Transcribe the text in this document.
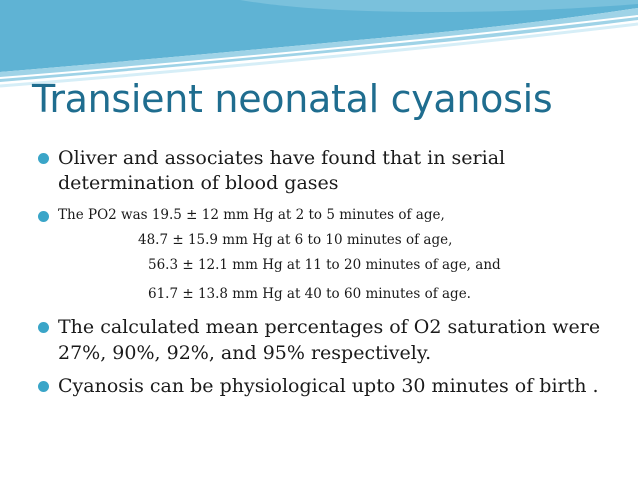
Transient neonatal cyanosis
Oliver and associates have found that in serial
determination of blood gases
The PO2 was 19.5 ± 12 mm Hg at 2 to 5 minutes of age,
48.7 ± 15.9 mm Hg at 6 to 10 minutes of age,
56.3 ± 12.1 mm Hg at 11 to 20 minutes of age, and
61.7 ± 13.8 mm Hg at 40 to 60 minutes of age.
The calculated mean percentages of O2 saturation were
27%, 90%, 92%, and 95% respectively.
Cyanosis can be physiological upto 30 minutes of birth .
